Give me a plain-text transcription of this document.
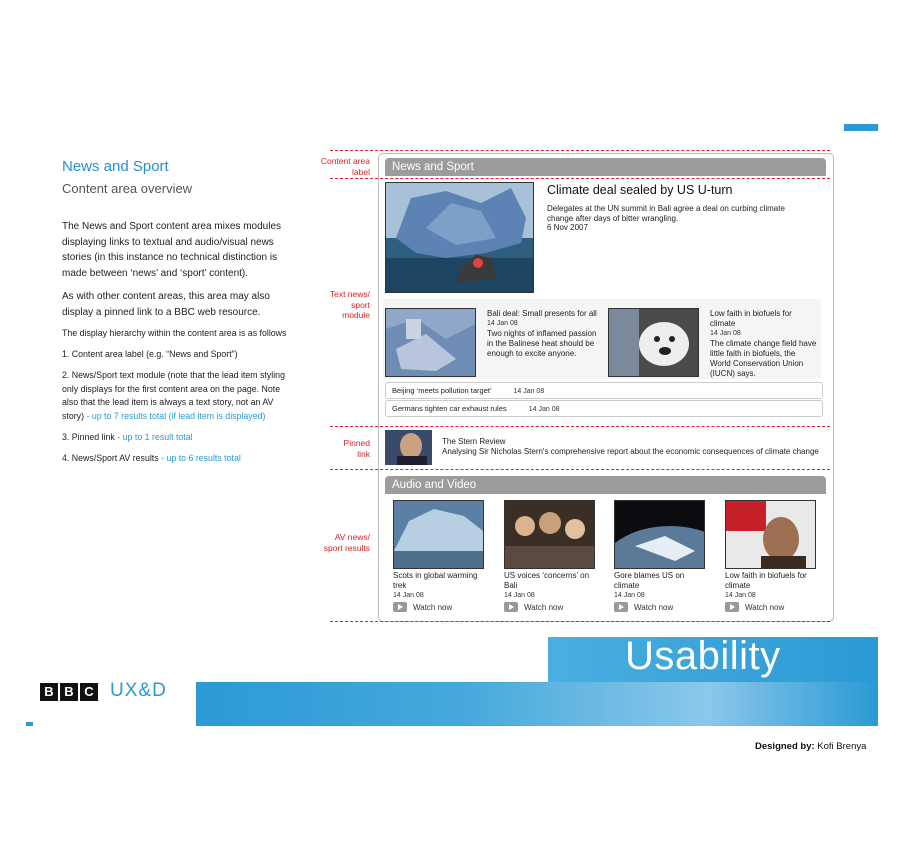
News and Sport
Content area overview
The News and Sport content area mixes modules displaying links to textual and audio/visual news stories (in this instance no technical distinction is made between ‘news’ and ‘sport’ content).
As with other content areas, this area may also display a pinned link to a BBC web resource.
The display hierarchy within the content area is as follows
1. Content area label (e.g. “News and Sport”)
2. News/Sport text module (note that the lead item styling only displays for the first content area on the page. Note also that the lead item is always a text story, not an AV story) - up to 7 results total (if lead item is displayed)
3. Pinned link - up to 1 result total
4. News/Sport AV results - up to 6 results total
Content area
label
Text news/
sport
module
Pinned
link
AV news/
sport results
News and Sport
Climate deal sealed by US U-turn
Delegates at the UN summit in Bali agree a deal on curbing climate change after days of bitter wrangling.
6 Nov 2007
Bali deal: Small presents for all
14 Jan 08
Two nights of inflamed passion in the Balinese heat should be enough to excite anyone.
Low faith in biofuels for climate
14 Jan 08
The climate change field have little faith in biofuels, the World Conservation Union (IUCN) says.
Beijing ‘meets pollution target’	14 Jan 08
Germans tighten car exhaust rules	14 Jan 08
The Stern Review
Analysing Sir Nicholas Stern's comprehensive report about the economic consequences of climate change
Audio and Video
Scots in global warming trek
14 Jan 08
US voices ‘concerns’ on Bali
14 Jan 08
Gore blames US on climate
14 Jan 08
Low faith in biofuels for climate
14 Jan 08
Watch now	Watch now	Watch now	Watch now
Usability
B B C UX&D
Designed by: Kofi Brenya
